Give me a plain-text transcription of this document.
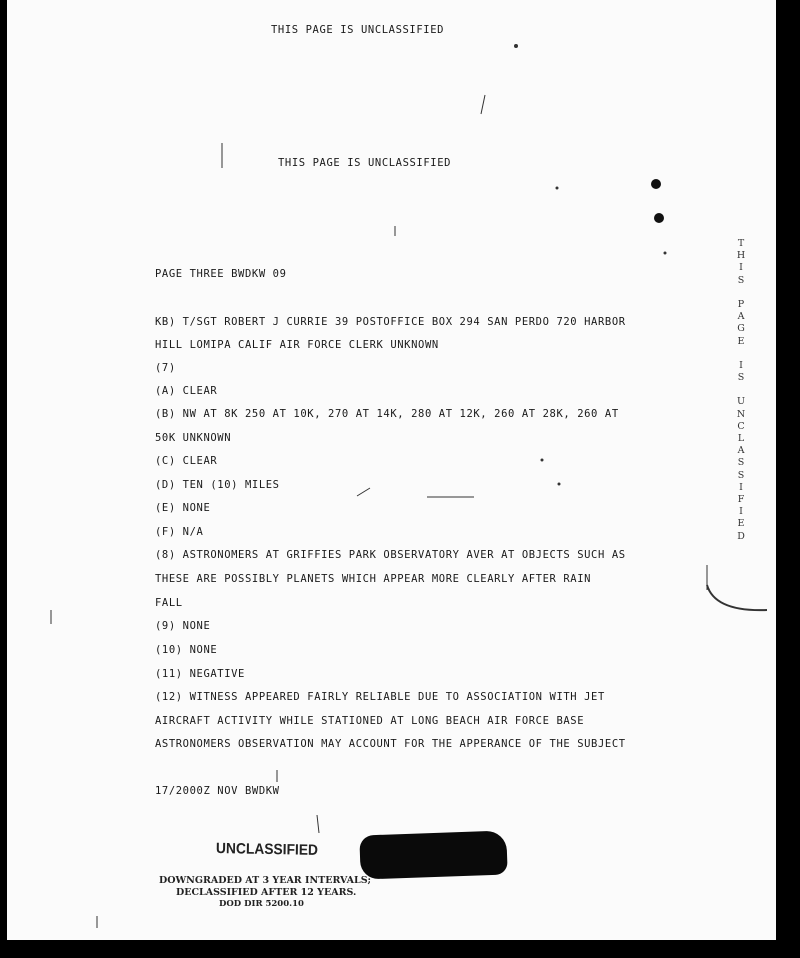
THIS PAGE IS UNCLASSIFIED
THIS PAGE IS UNCLASSIFIED
PAGE THREE BWDKW 09
KB) T/SGT ROBERT J CURRIE 39 POSTOFFICE BOX 294 SAN PERDO 720 HARBOR
HILL LOMIPA CALIF AIR FORCE CLERK UNKNOWN
(7)
(A) CLEAR
(B) NW AT 8K 250 AT 10K, 270 AT 14K, 280 AT 12K, 260 AT 28K, 260 AT
50K UNKNOWN
(C) CLEAR
(D) TEN (10) MILES
(E) NONE
(F) N/A
(8) ASTRONOMERS AT GRIFFIES PARK OBSERVATORY AVER AT OBJECTS SUCH AS
THESE ARE POSSIBLY PLANETS WHICH APPEAR MORE CLEARLY AFTER RAIN
FALL
(9) NONE
(10) NONE
(11) NEGATIVE
(12) WITNESS APPEARED FAIRLY RELIABLE DUE TO ASSOCIATION WITH JET
AIRCRAFT ACTIVITY WHILE STATIONED AT LONG BEACH AIR FORCE BASE
ASTRONOMERS OBSERVATION MAY ACCOUNT FOR THE APPERANCE OF THE SUBJECT
17/2000Z NOV BWDKW
T
H
I
S
P
A
G
E
I
S
U
N
C
L
A
S
S
I
F
I
E
D
UNCLASSIFIED
DOWNGRADED AT 3 YEAR INTERVALS;
DECLASSIFIED AFTER 12 YEARS.
DOD DIR 5200.10
